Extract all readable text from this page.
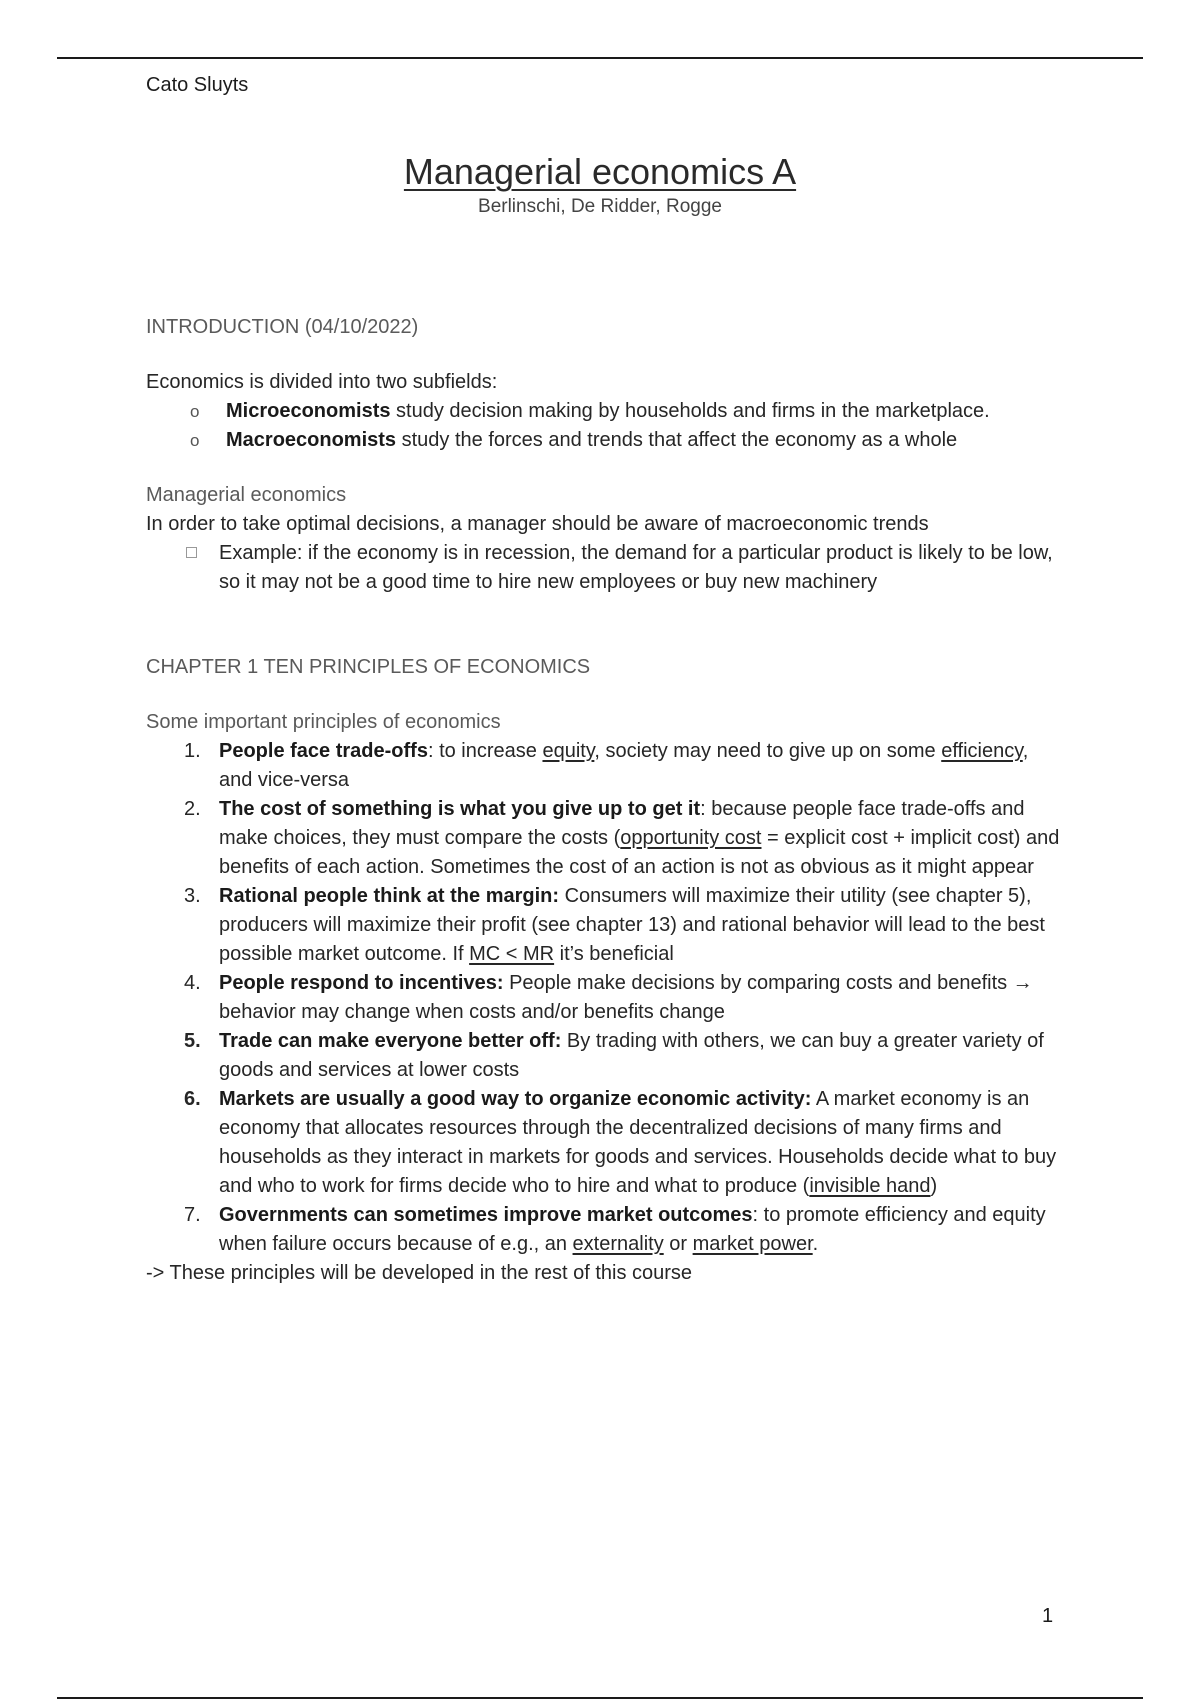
Cato Sluyts
Managerial economics A
Berlinschi, De Ridder, Rogge
INTRODUCTION (04/10/2022)
Economics is divided into two subfields:
o Microeconomists study decision making by households and firms in the marketplace.
o Macroeconomists study the forces and trends that affect the economy as a whole
Managerial economics
In order to take optimal decisions, a manager should be aware of macroeconomic trends
Example: if the economy is in recession, the demand for a particular product is likely to be low, so it may not be a good time to hire new employees or buy new machinery
CHAPTER 1 TEN PRINCIPLES OF ECONOMICS
Some important principles of economics
1. People face trade-offs: to increase equity, society may need to give up on some efficiency, and vice-versa
2. The cost of something is what you give up to get it: because people face trade-offs and make choices, they must compare the costs (opportunity cost = explicit cost + implicit cost) and benefits of each action. Sometimes the cost of an action is not as obvious as it might appear
3. Rational people think at the margin: Consumers will maximize their utility (see chapter 5), producers will maximize their profit (see chapter 13) and rational behavior will lead to the best possible market outcome. If MC < MR it’s beneficial
4. People respond to incentives: People make decisions by comparing costs and benefits → behavior may change when costs and/or benefits change
5. Trade can make everyone better off: By trading with others, we can buy a greater variety of goods and services at lower costs
6. Markets are usually a good way to organize economic activity: A market economy is an economy that allocates resources through the decentralized decisions of many firms and households as they interact in markets for goods and services. Households decide what to buy and who to work for firms decide who to hire and what to produce (invisible hand)
7. Governments can sometimes improve market outcomes: to promote efficiency and equity when failure occurs because of e.g., an externality or market power.
-> These principles will be developed in the rest of this course
1
